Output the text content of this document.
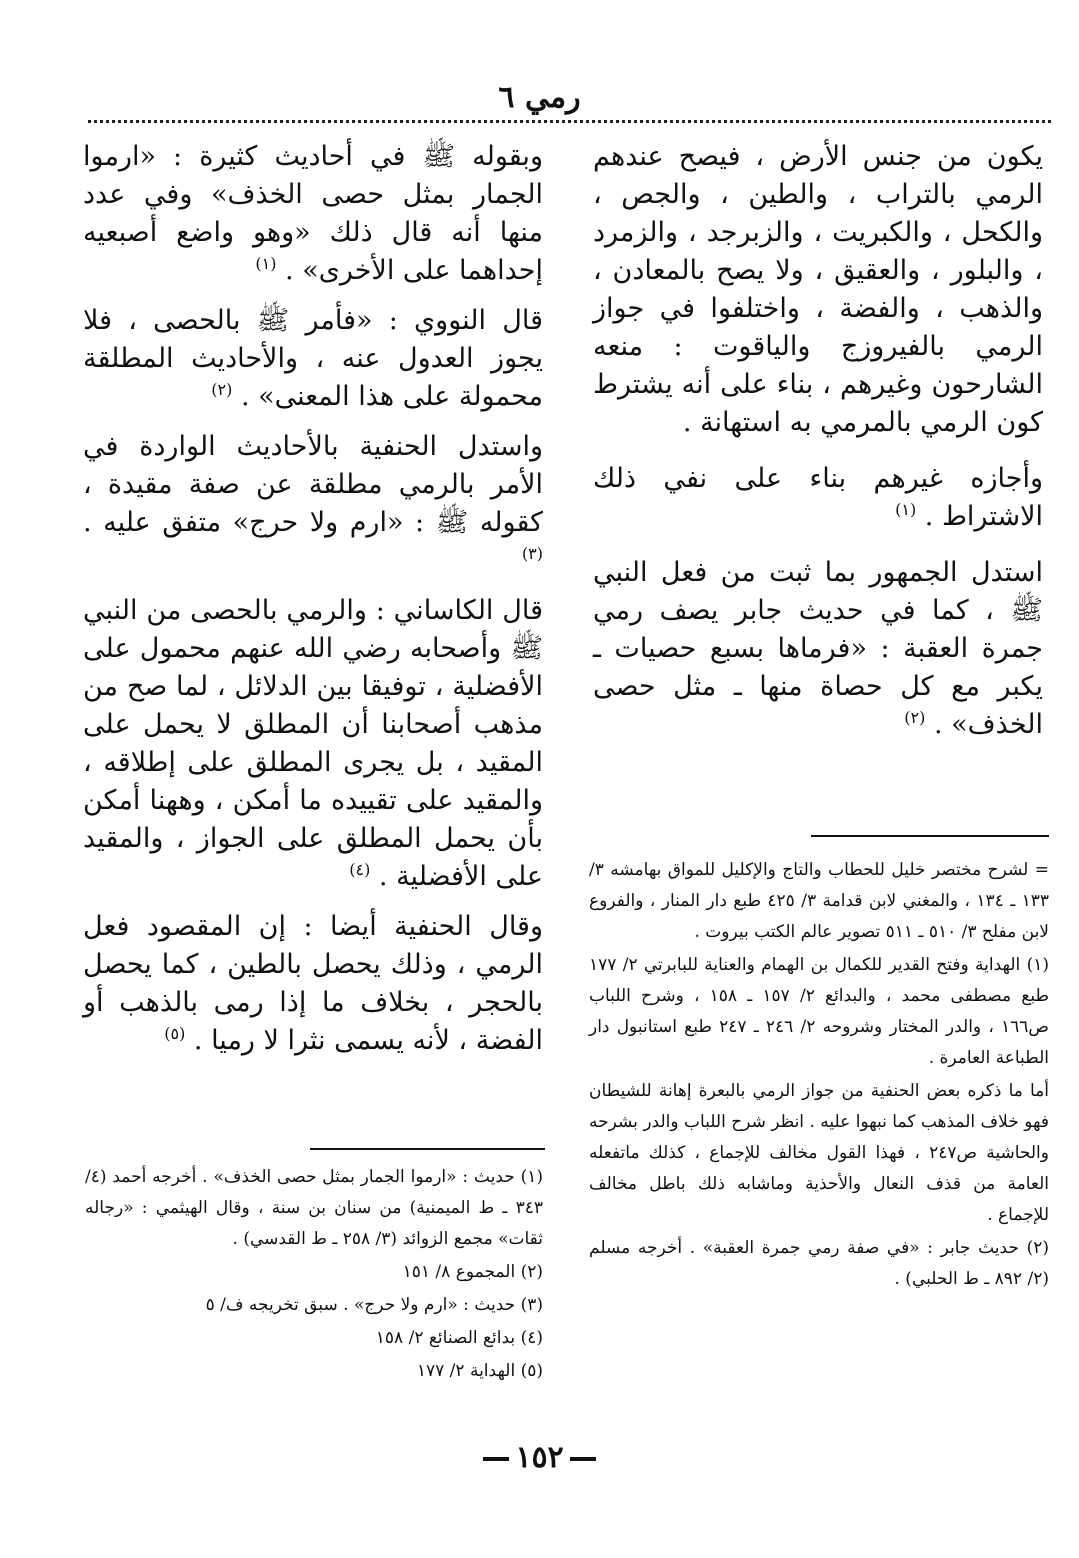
رمي ٦

يكون من جنس الأرض ، فيصح عندهم الرمي بالتراب ، والطين ، والجص ، والكحل ، والكبريت ، والزبرجد ، والزمرد ، والبلور ، والعقيق ، ولا يصح بالمعادن ، والذهب ، والفضة ، واختلفوا في جواز الرمي بالفيروزج والياقوت : منعه الشارحون وغيرهم ، بناء على أنه يشترط كون الرمي بالمرمي به استهانة .

وأجازه غيرهم بناء على نفي ذلك الاشتراط . $^{(١)}$

استدل الجمهور بما ثبت من فعل النبي ﷺ ، كما في حديث جابر يصف رمي جمرة العقبة : «فرماها بسبع حصيات ـ يكبر مع كل حصاة منها ـ مثل حصى الخذف» . $^{(٢)}$

وبقوله ﷺ في أحاديث كثيرة : «ارموا الجمار بمثل حصى الخذف» وفي عدد منها أنه قال ذلك «وهو واضع أصبعيه إحداهما على الأخرى» . $^{(١)}$

قال النووي : «فأمر ﷺ بالحصى ، فلا يجوز العدول عنه ، والأحاديث المطلقة محمولة على هذا المعنى» . $^{(٢)}$

واستدل الحنفية بالأحاديث الواردة في الأمر بالرمي مطلقة عن صفة مقيدة ، كقوله ﷺ : «ارم ولا حرج» متفق عليه . $^{(٣)}$

قال الكاساني : والرمي بالحصى من النبي ﷺ وأصحابه رضي الله عنهم محمول على الأفضلية ، توفيقا بين الدلائل ، لما صح من مذهب أصحابنا أن المطلق لا يحمل على المقيد ، بل يجرى المطلق على إطلاقه ، والمقيد على تقييده ما أمكن ، وههنا أمكن بأن يحمل المطلق على الجواز ، والمقيد على الأفضلية . $^{(٤)}$

وقال الحنفية أيضا : إن المقصود فعل الرمي ، وذلك يحصل بالطين ، كما يحصل بالحجر ، بخلاف ما إذا رمى بالذهب أو الفضة ، لأنه يسمى نثرا لا رميا . $^{(٥)}$

= لشرح مختصر خليل للحطاب والتاج والإكليل للمواق بهامشه ٣/ ١٣٣ ـ ١٣٤ ، والمغني لابن قدامة ٣/ ٤٢٥ طبع دار المنار ، والفروع لابن مفلح ٣/ ٥١٠ ـ ٥١١ تصوير عالم الكتب بيروت .

(١) الهداية وفتح القدير للكمال بن الهمام والعناية للبابرتي ٢/ ١٧٧ طبع مصطفى محمد ، والبدائع ٢/ ١٥٧ ـ ١٥٨ ، وشرح اللباب ص١٦٦ ، والدر المختار وشروحه ٢/ ٢٤٦ ـ ٢٤٧ طبع استانبول دار الطباعة العامرة .

أما ما ذكره بعض الحنفية من جواز الرمي بالبعرة إهانة للشيطان فهو خلاف المذهب كما نبهوا عليه . انظر شرح اللباب والدر بشرحه والحاشية ص٢٤٧ ، فهذا القول مخالف للإجماع ، كذلك ماتفعله العامة من قذف النعال والأحذية وماشابه ذلك باطل مخالف للإجماع .

(٢) حديث جابر : «في صفة رمي جمرة العقبة» . أخرجه مسلم (٢/ ٨٩٢ ـ ط الحلبي) .

(١) حديث : «ارموا الجمار بمثل حصى الخذف» . أخرجه أحمد (٤/ ٣٤٣ ـ ط الميمنية) من سنان بن سنة ، وقال الهيثمي : «رجاله ثقات» مجمع الزوائد (٣/ ٢٥٨ ـ ط القدسي) .

(٢) المجموع ٨/ ١٥١

(٣) حديث : «ارم ولا حرج» . سبق تخريجه ف/ ٥

(٤) بدائع الصنائع ٢/ ١٥٨

(٥) الهداية ٢/ ١٧٧

١٥٢
